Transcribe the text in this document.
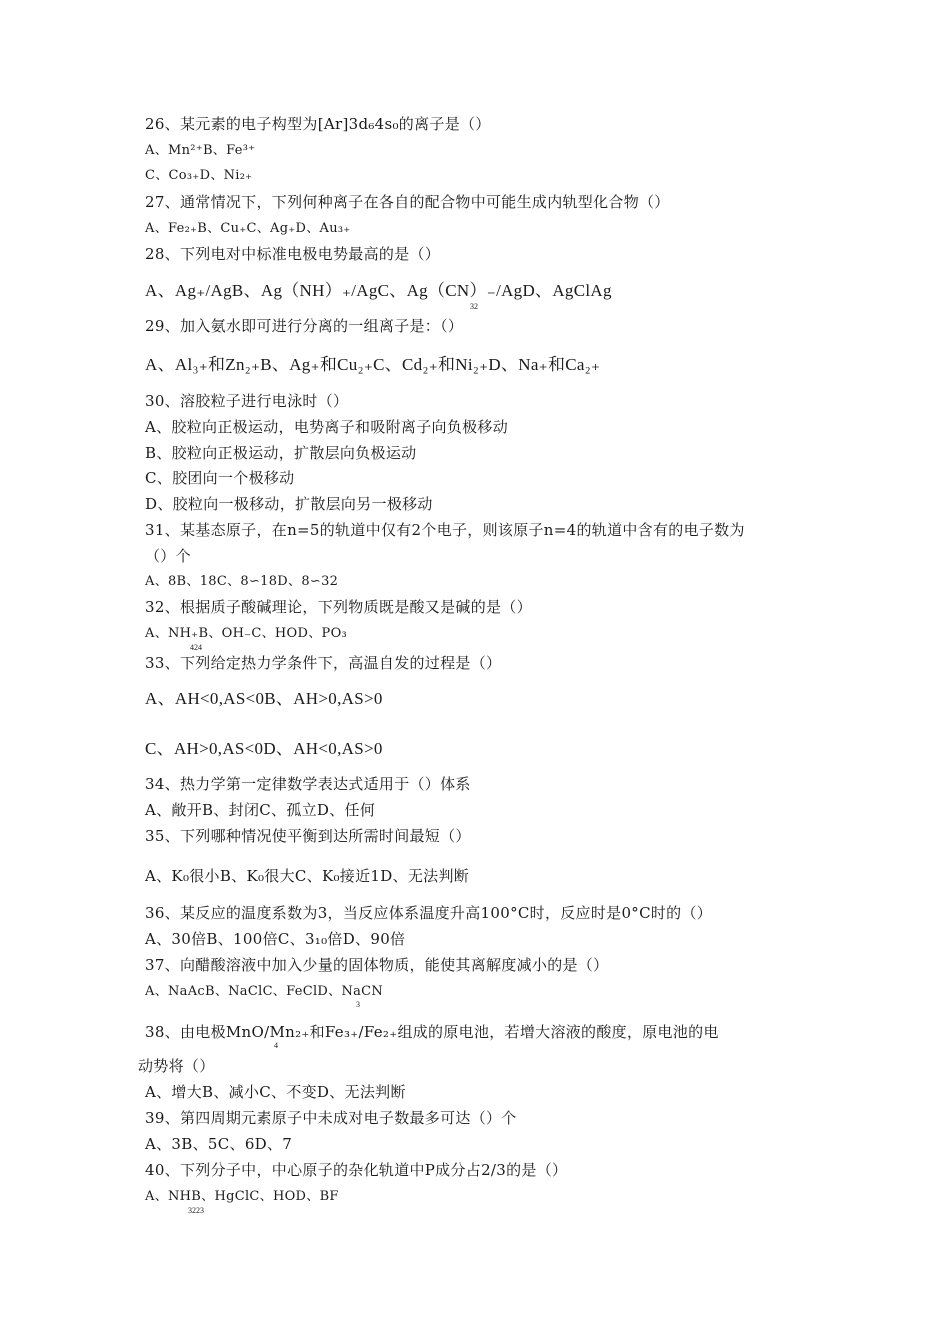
26、某元素的电子构型为[Ar]3d₆4s₀的离子是（）
A、Mn²⁺B、Fe³⁺
C、Co₃₊D、Ni₂₊
27、通常情况下，下列何种离子在各自的配合物中可能生成内轨型化合物（）
A、Fe₂₊B、Cu₊C、Ag₊D、Au₃₊
28、下列电对中标准电极电势最高的是（）
A、Ag₊/AgB、Ag（NH）₊/AgC、Ag（CN）₋/AgD、AgClAg
32
29、加入氨水即可进行分离的一组离子是：（）
A、Al₃₊和Zn₂₊B、Ag₊和Cu₂₊C、Cd₂₊和Ni₂₊D、Na₊和Ca₂₊
30、溶胶粒子进行电泳时（）
A、胶粒向正极运动，电势离子和吸附离子向负极移动
B、胶粒向正极运动，扩散层向负极运动
C、胶团向一个极移动
D、胶粒向一极移动，扩散层向另一极移动
31、某基态原子，在n=5的轨道中仅有2个电子，则该原子n=4的轨道中含有的电子数为
（）个
A、8B、18C、8∽18D、8∽32
32、根据质子酸碱理论，下列物质既是酸又是碱的是（）
A、NH₊B、OH₋C、HOD、PO₃
424
33、下列给定热力学条件下，高温自发的过程是（）
A、AH<0,AS<0B、AH>0,AS>0
C、AH>0,AS<0D、AH<0,AS>0
34、热力学第一定律数学表达式适用于（）体系
A、敞开B、封闭C、孤立D、任何
35、下列哪种情况使平衡到达所需时间最短（）
A、K₀很小B、K₀很大C、K₀接近1D、无法判断
36、某反应的温度系数为3，当反应体系温度升高100°C时，反应时是0°C时的（）
A、30倍B、100倍C、3₁₀倍D、90倍
37、向醋酸溶液中加入少量的固体物质，能使其离解度减小的是（）
A、NaAcB、NaClC、FeClD、NaCN
3
38、由电极MnO/Mn₂₊和Fe₃₊/Fe₂₊组成的原电池，若增大溶液的酸度，原电池的电
4
动势将（）
A、增大B、减小C、不变D、无法判断
39、第四周期元素原子中未成对电子数最多可达（）个
A、3B、5C、6D、7
40、下列分子中，中心原子的杂化轨道中P成分占2/3的是（）
A、NHB、HgClC、HOD、BF
3223
